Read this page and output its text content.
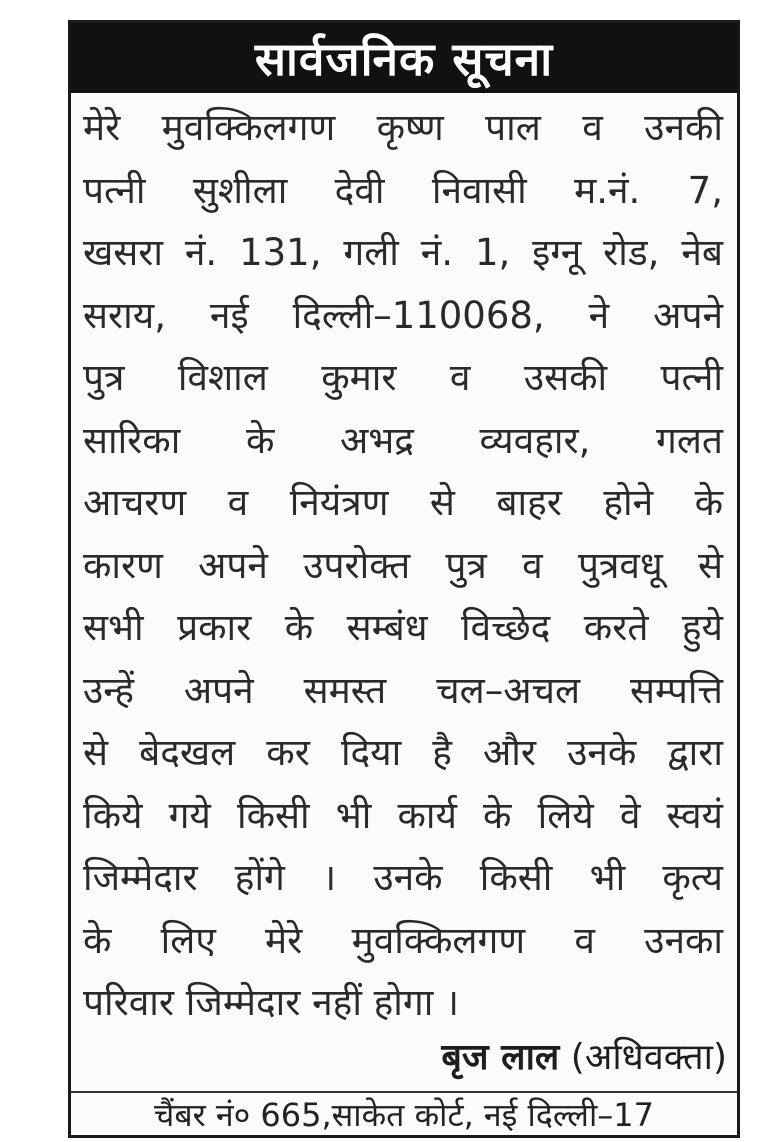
सार्वजनिक सूचना
मेरे मुवक्किलगण कृष्ण पाल व उनकी
पत्नी सुशीला देवी निवासी म.नं. 7,
खसरा नं. 131, गली नं. 1, इग्नू रोड, नेब
सराय, नई दिल्ली–110068, ने अपने
पुत्र विशाल कुमार व उसकी पत्नी
सारिका के अभद्र व्यवहार, गलत
आचरण व नियंत्रण से बाहर होने के
कारण अपने उपरोक्त पुत्र व पुत्रवधू से
सभी प्रकार के सम्बंध विच्छेद करते हुये
उन्हें अपने समस्त चल–अचल सम्पत्ति
से बेदखल कर दिया है और उनके द्वारा
किये गये किसी भी कार्य के लिये वे स्वयं
जिम्मेदार होंगे । उनके किसी भी कृत्य
के लिए मेरे मुवक्किलगण व उनका
परिवार जिम्मेदार नहीं होगा ।
बृज लाल (अधिवक्ता)
चैंबर नं० 665,साकेत कोर्ट, नई दिल्ली–17
